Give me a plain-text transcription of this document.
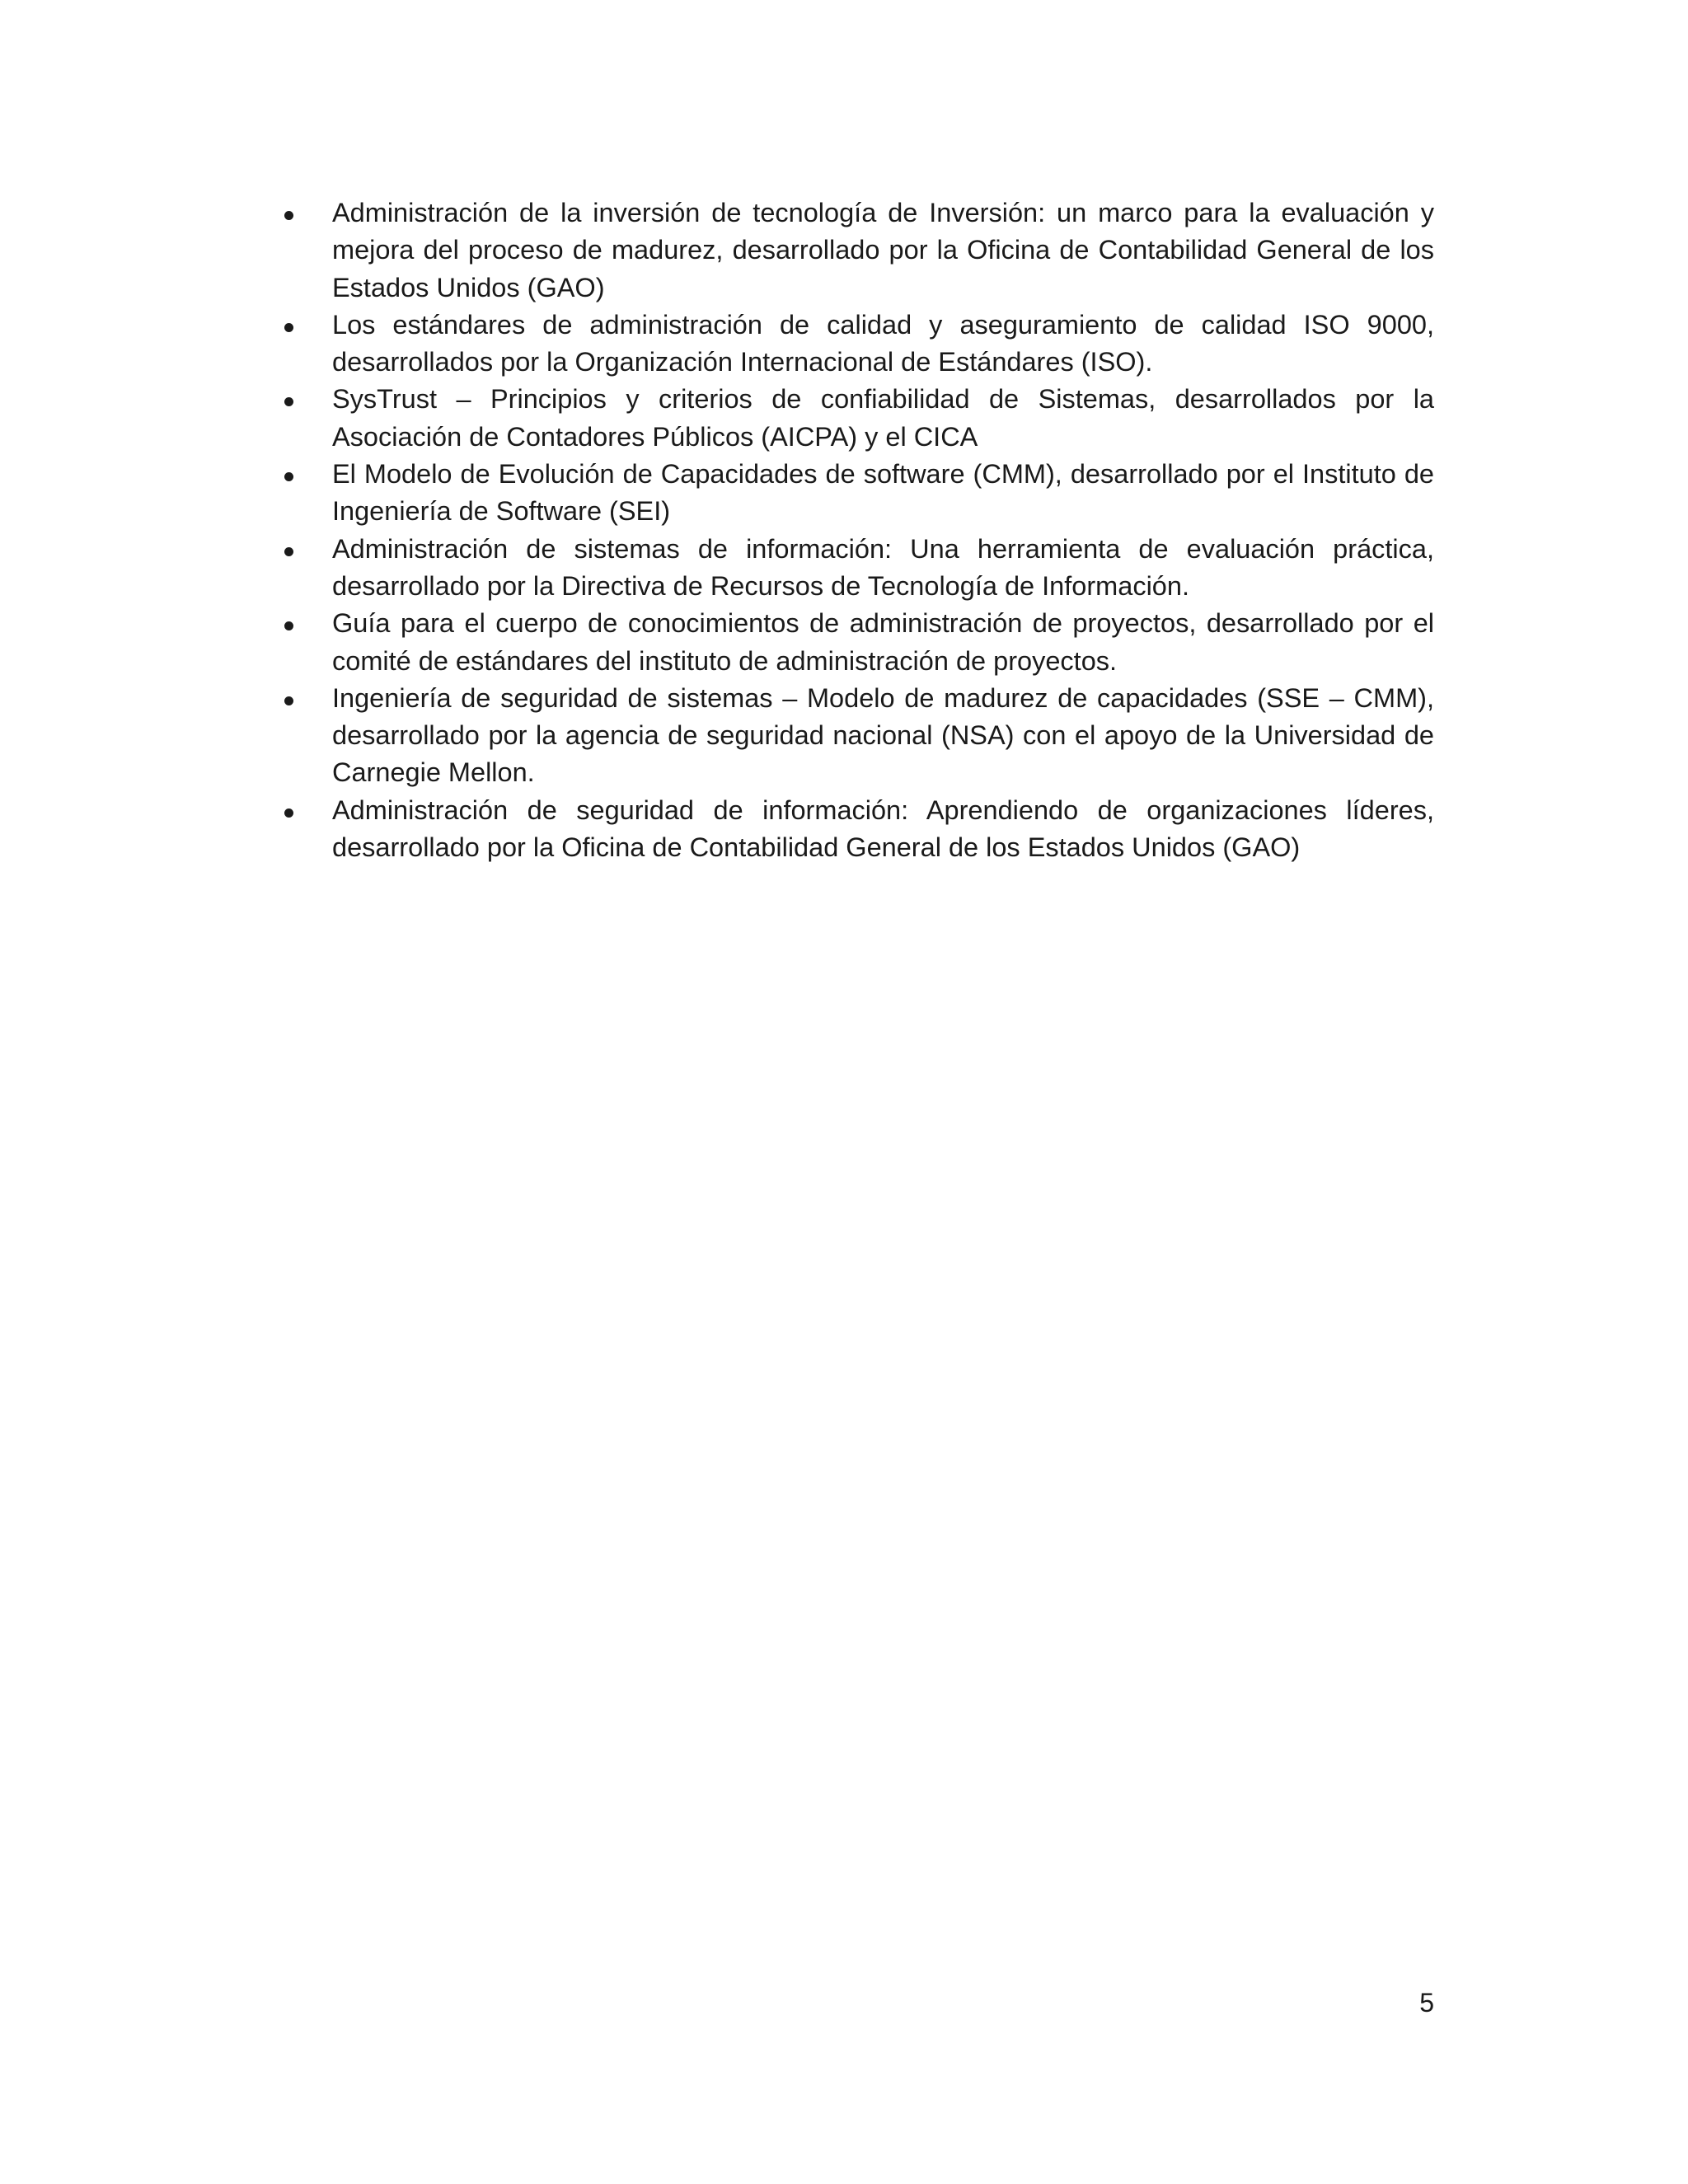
Administración de la inversión de tecnología de Inversión: un marco para la evaluación y mejora del proceso de madurez, desarrollado por la Oficina de Contabilidad General de los Estados Unidos (GAO)
Los estándares de administración de calidad y aseguramiento de calidad ISO 9000, desarrollados por la Organización Internacional de Estándares (ISO).
SysTrust – Principios y criterios de confiabilidad de Sistemas, desarrollados por la Asociación de Contadores Públicos (AICPA) y el CICA
El Modelo de Evolución de Capacidades de software (CMM), desarrollado por el Instituto de Ingeniería de Software (SEI)
Administración de sistemas de información: Una herramienta de evaluación práctica, desarrollado por la Directiva de Recursos de Tecnología de Información.
Guía para el cuerpo de conocimientos de administración de proyectos, desarrollado por el comité de estándares del instituto de administración de proyectos.
Ingeniería de seguridad de sistemas – Modelo de madurez de capacidades (SSE – CMM), desarrollado por la agencia de seguridad nacional (NSA) con el apoyo de la Universidad de Carnegie Mellon.
Administración de seguridad de información: Aprendiendo de organizaciones líderes, desarrollado por la Oficina de Contabilidad General de los Estados Unidos (GAO)
5
